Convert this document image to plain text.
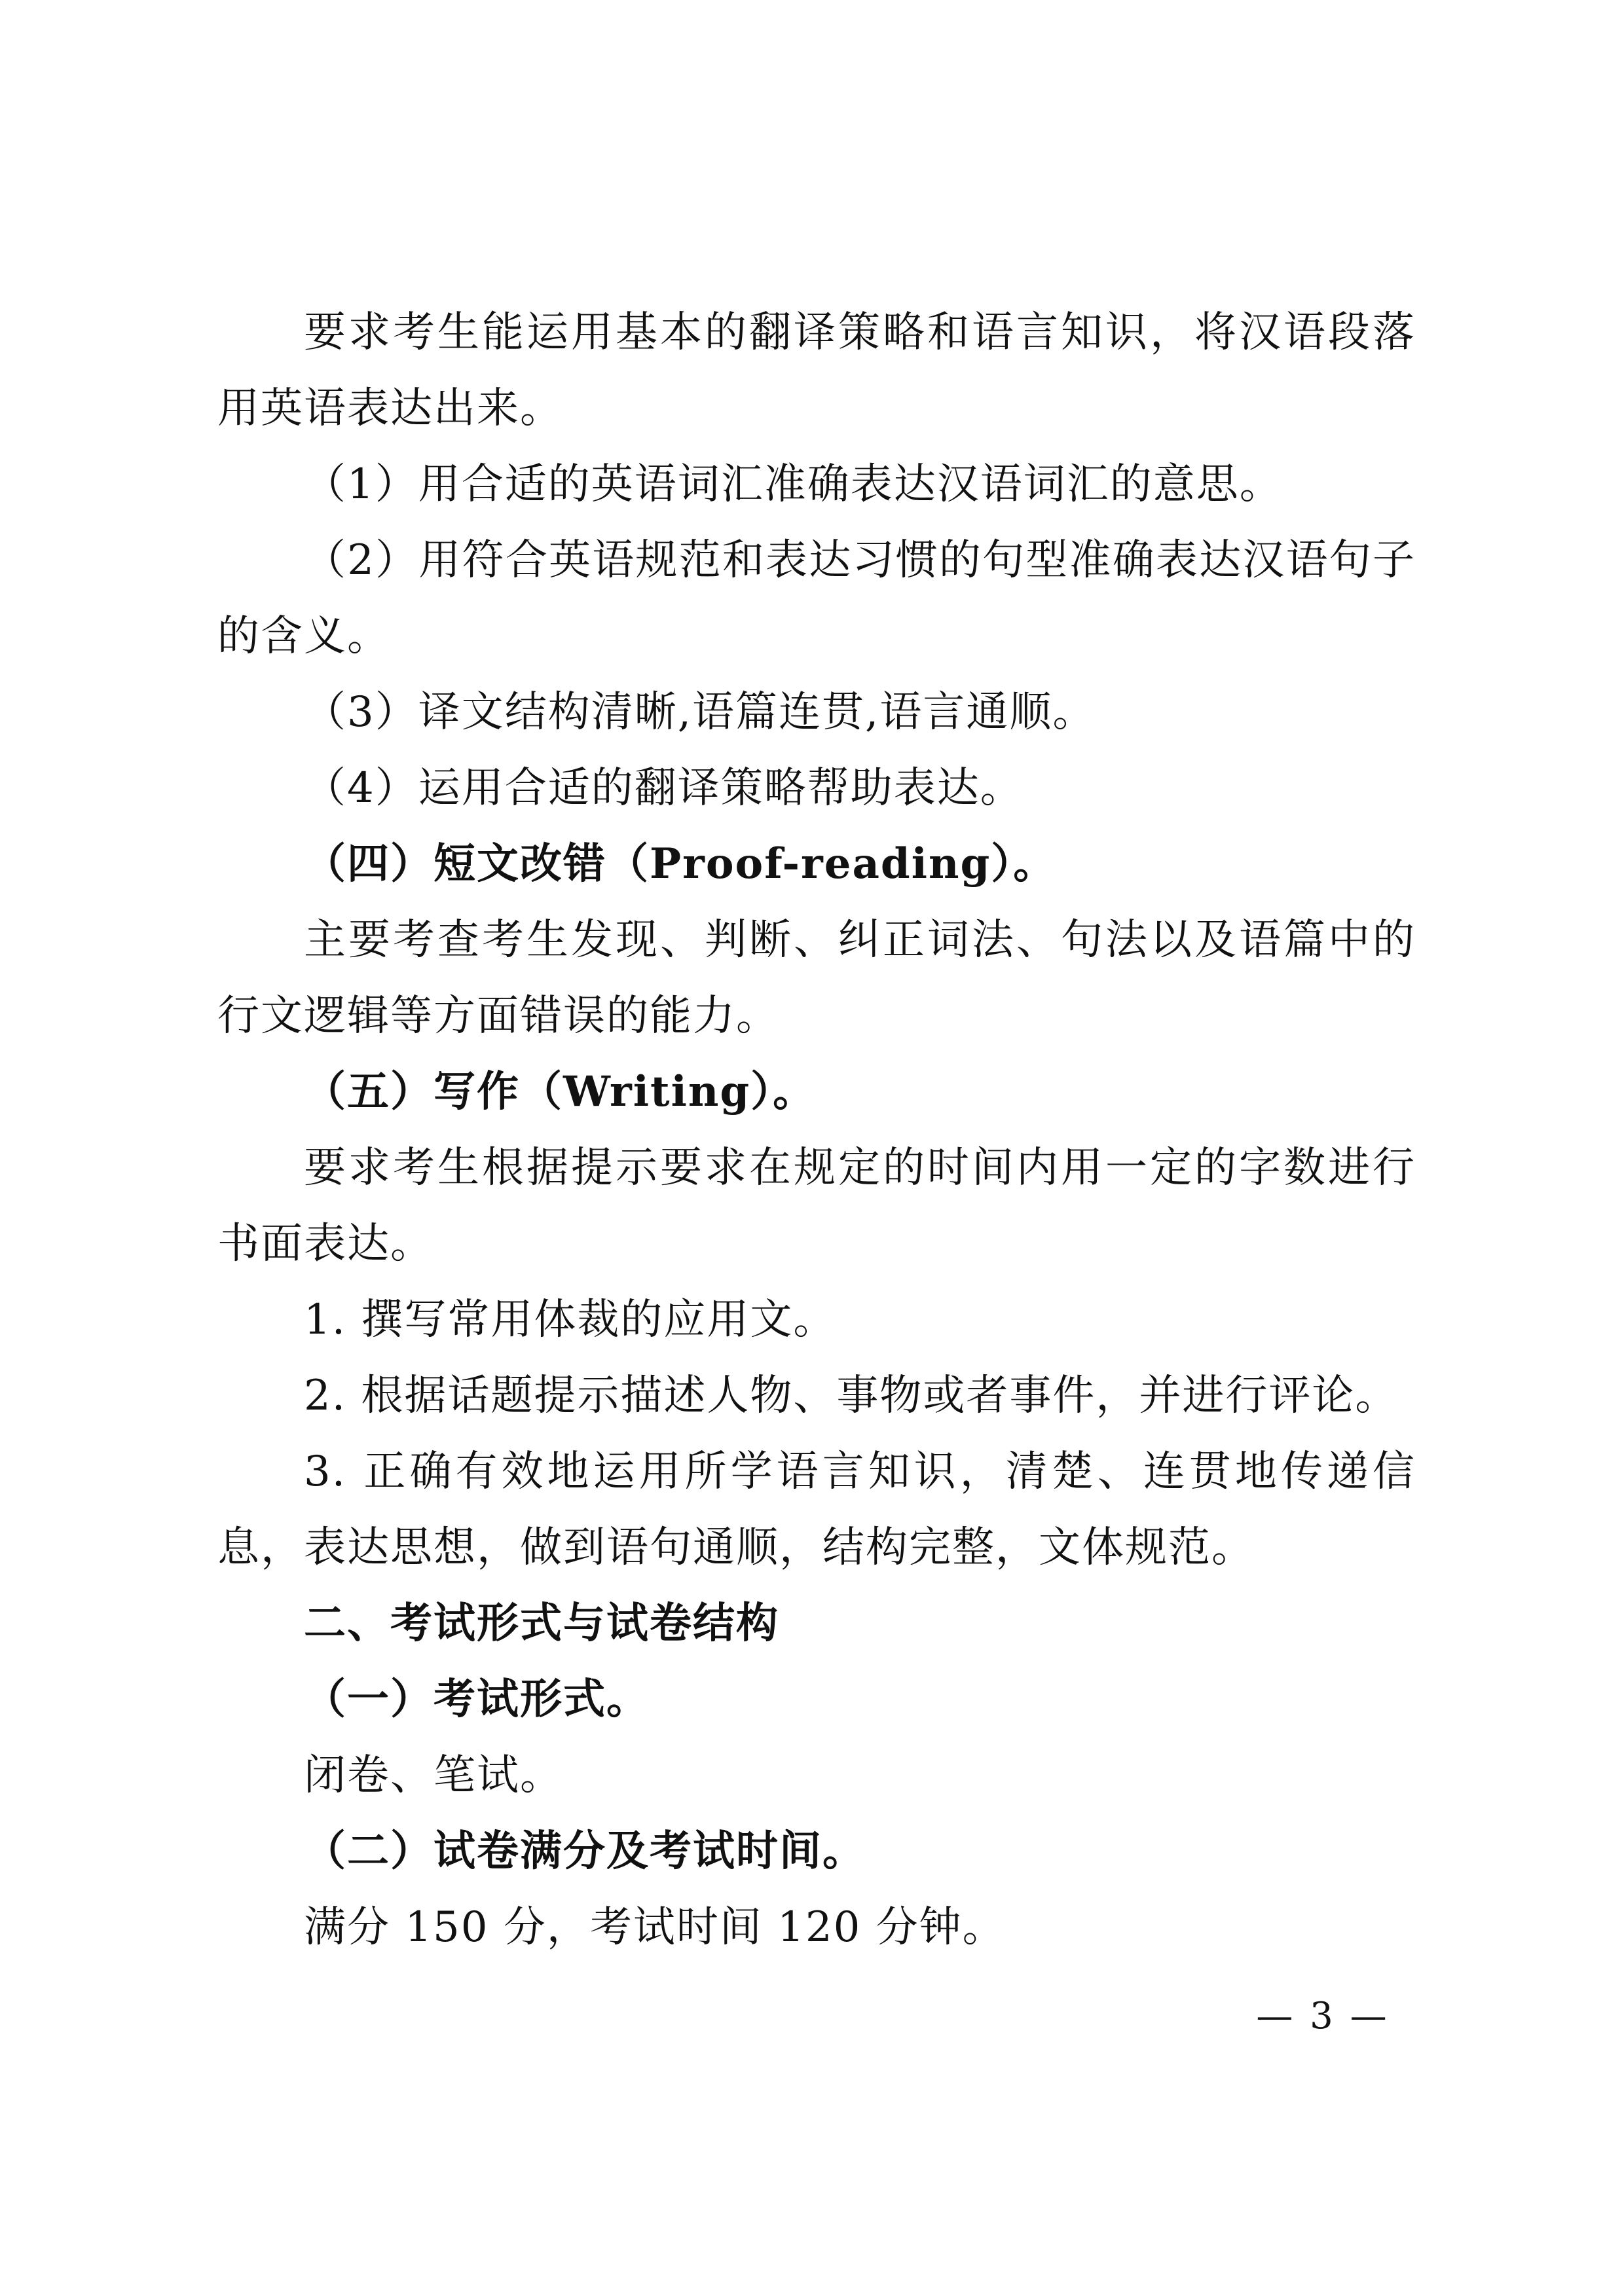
要求考生能运用基本的翻译策略和语言知识，将汉语段落用英语表达出来。

（1）用合适的英语词汇准确表达汉语词汇的意思。

（2）用符合英语规范和表达习惯的句型准确表达汉语句子的含义。

（3）译文结构清晰,语篇连贯,语言通顺。

（4）运用合适的翻译策略帮助表达。

（四）短文改错（Proof-reading）。

主要考查考生发现、判断、纠正词法、句法以及语篇中的行文逻辑等方面错误的能力。

（五）写作（Writing）。

要求考生根据提示要求在规定的时间内用一定的字数进行书面表达。

1. 撰写常用体裁的应用文。

2. 根据话题提示描述人物、事物或者事件，并进行评论。

3. 正确有效地运用所学语言知识，清楚、连贯地传递信息，表达思想，做到语句通顺，结构完整，文体规范。

二、考试形式与试卷结构

（一）考试形式。

闭卷、笔试。

（二）试卷满分及考试时间。

满分 150 分，考试时间 120 分钟。

— 3 —
